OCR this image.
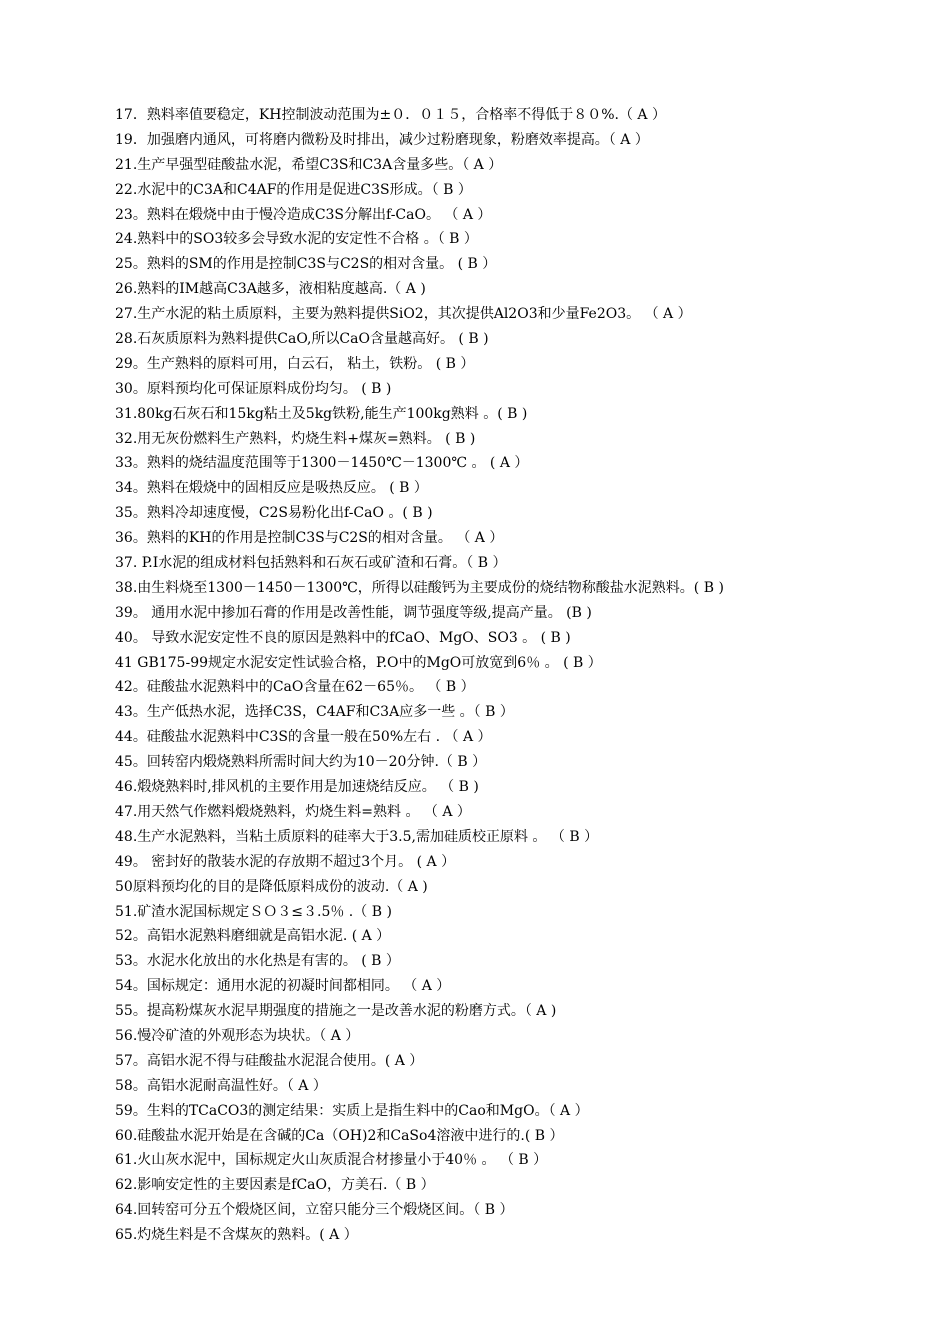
17．熟料率值要稳定，KH控制波动范围为±０．０１５，合格率不得低于８０%.（ A ）
19．加强磨内通风，可将磨内微粉及时排出，减少过粉磨现象，粉磨效率提高。（ A ）
21.生产早强型硅酸盐水泥，希望C3S和C3A含量多些。（ A ）
22.水泥中的C3A和C4AF的作用是促进C3S形成。（ B ）
23。熟料在煅烧中由于慢冷造成C3S分解出f-CaO。 （ A ）
24.熟料中的SO3较多会导致水泥的安定性不合格 。（ B ）
25。熟料的SM的作用是控制C3S与C2S的相对含量。 ( B ）
26.熟料的IM越高C3A越多，液相粘度越高.（ A )
27.生产水泥的粘土质原料，主要为熟料提供SiO2，其次提供Al2O3和少量Fe2O3。 （ A ）
28.石灰质原料为熟料提供CaO,所以CaO含量越高好。 ( B )
29。生产熟料的原料可用，白云石， 粘土，铁粉。 ( B ）
30。原料预均化可保证原料成份均匀。 ( B )
31.80kg石灰石和15kg粘土及5kg铁粉,能生产100kg熟料 。( B )
32.用无灰份燃料生产熟料，灼烧生料+煤灰=熟料。 ( B )
33。熟料的烧结温度范围等于1300－1450℃－1300℃ 。 ( A ）
34。熟料在煅烧中的固相反应是吸热反应。 ( B ）
35。熟料冷却速度慢，C2S易粉化出f-CaO 。( B )
36。熟料的KH的作用是控制C3S与C2S的相对含量。 （ A ）
37. P.I水泥的组成材料包括熟料和石灰石或矿渣和石膏。（ B ）
38.由生料烧至1300－1450－1300℃，所得以硅酸钙为主要成份的烧结物称酸盐水泥熟料。( B )
39。 通用水泥中掺加石膏的作用是改善性能，调节强度等级,提高产量。 (B )
40。 导致水泥安定性不良的原因是熟料中的fCaO、MgO、SO3 。 ( B )
41 GB175-99规定水泥安定性试验合格，P.O中的MgO可放宽到6％ 。 ( B ）
42。硅酸盐水泥熟料中的CaO含量在62－65％。 （ B ）
43。生产低热水泥，选择C3S，C4AF和C3A应多一些 。（ B ）
44。硅酸盐水泥熟料中C3S的含量一般在50%左右 . （ A ）
45。回转窑内煅烧熟料所需时间大约为10－20分钟.（ B ）
46.煅烧熟料时,排风机的主要作用是加速烧结反应。 （ B )
47.用天然气作燃料煅烧熟料，灼烧生料=熟料 。 （ A ）
48.生产水泥熟料，当粘土质原料的硅率大于3.5,需加硅质校正原料 。 （ B ）
49。 密封好的散装水泥的存放期不超过3个月。 ( A ）
50原料预均化的目的是降低原料成份的波动.（ A )
51.矿渣水泥国标规定ＳＯ３≤３.5％ .（ B )
52。高铝水泥熟料磨细就是高铝水泥. ( A ）
53。水泥水化放出的水化热是有害的。 ( B ）
54。国标规定：通用水泥的初凝时间都相同。 （ A ）
55。提高粉煤灰水泥早期强度的措施之一是改善水泥的粉磨方式。（ A )
56.慢冷矿渣的外观形态为块状。（ A ）
57。高铝水泥不得与硅酸盐水泥混合使用。( A ）
58。高铝水泥耐高温性好。（ A ）
59。生料的TCaCO3的测定结果：实质上是指生料中的Cao和MgO。（ A ）
60.硅酸盐水泥开始是在含碱的Ca（OH)2和CaSo4溶液中进行的.( B ）
61.火山灰水泥中，国标规定火山灰质混合材掺量小于40％ 。 （ B ）
62.影响安定性的主要因素是fCaO，方美石.（ B ）
64.回转窑可分五个煅烧区间，立窑只能分三个煅烧区间。（ B ）
65.灼烧生料是不含煤灰的熟料。( A ）
